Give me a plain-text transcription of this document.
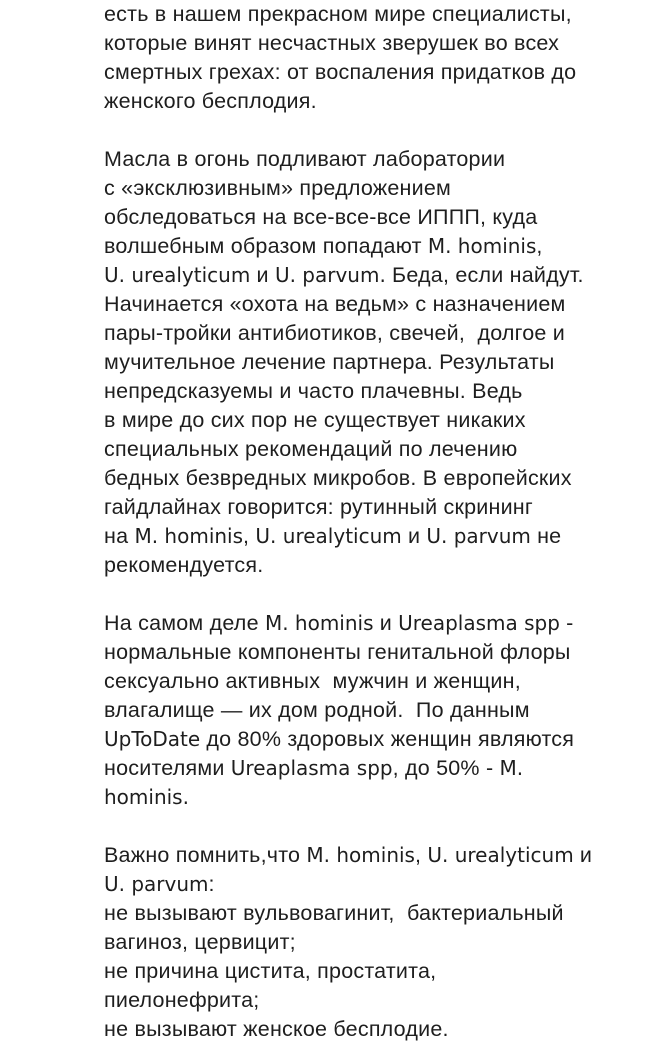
есть в нашем прекрасном мире специалисты,
которые винят несчастных зверушек во всех
смертных грехах: от воспаления придатков до
женского бесплодия.

Масла в огонь подливают лаборатории
с «эксклюзивным» предложением
обследоваться на все-все-все ИППП, куда
волшебным образом попадают M. hominis,
U. urealyticum и U. parvum. Беда, если найдут.
Начинается «охота на ведьм» с назначением
пары-тройки антибиотиков, свечей,  долгое и
мучительное лечение партнера. Результаты
непредсказуемы и часто плачевны. Ведь
в мире до сих пор не существует никаких
специальных рекомендаций по лечению
бедных безвредных микробов. В европейских
гайдлайнах говорится: рутинный скрининг
на M. hominis, U. urealyticum и U. parvum не
рекомендуется.

На самом деле M. hominis и Ureaplasma spp -
нормальные компоненты генитальной флоры
сексуально активных  мужчин и женщин,
влагалище — их дом родной.  По данным
UpToDate до 80% здоровых женщин являются
носителями Ureaplasma spp, до 50% - M.
hominis.

Важно помнить,что M. hominis, U. urealyticum и
U. parvum:
не вызывают вульвовагинит,  бактериальный
вагиноз, цервицит;
не причина цистита, простатита,
пиелонефрита;
не вызывают женское бесплодие.
